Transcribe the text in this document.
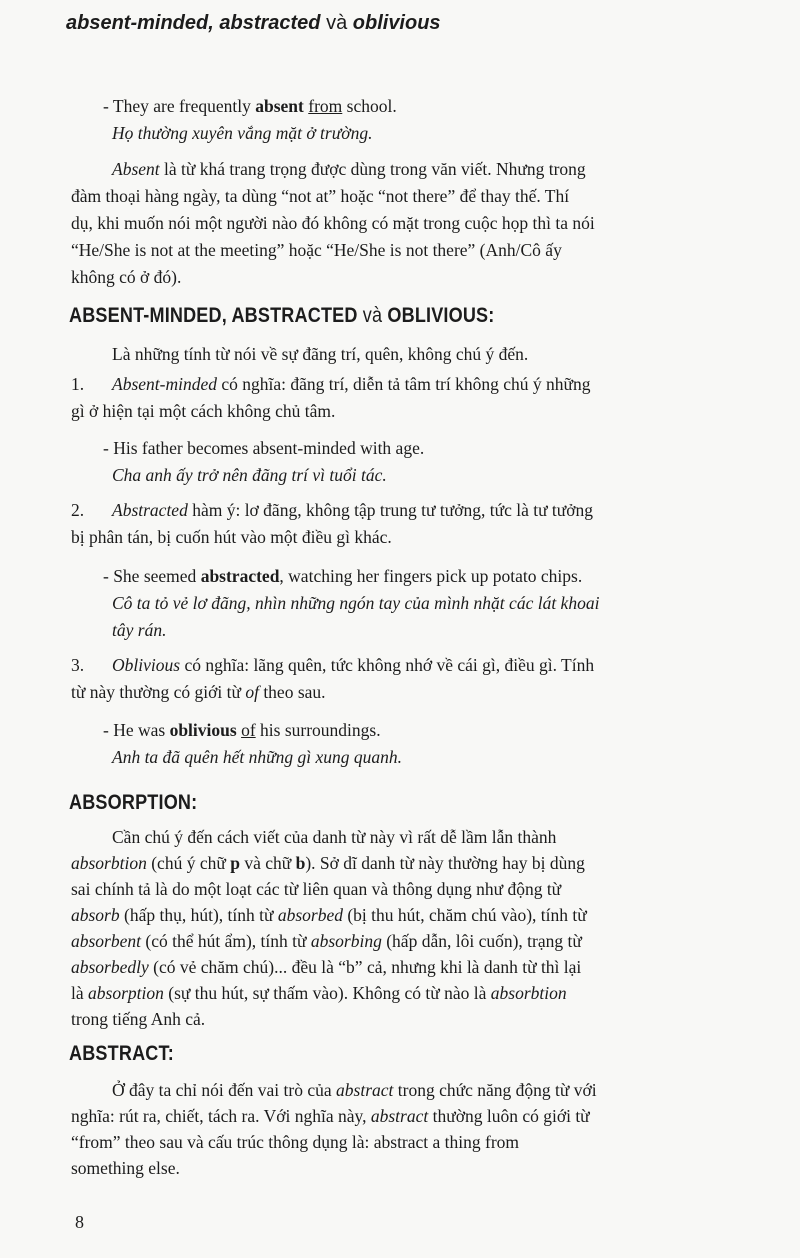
absent-minded, abstracted và oblivious
- They are frequently absent from school.
Họ thường xuyên vắng mặt ở trường.
Absent là từ khá trang trọng được dùng trong văn viết. Nhưng trong
đàm thoại hàng ngày, ta dùng “not at” hoặc “not there” để thay thế. Thí
dụ, khi muốn nói một người nào đó không có mặt trong cuộc họp thì ta nói
“He/She is not at the meeting” hoặc “He/She is not there” (Anh/Cô ấy
không có ở đó).
ABSENT-MINDED, ABSTRACTED và OBLIVIOUS:
Là những tính từ nói về sự đãng trí, quên, không chú ý đến.
1. Absent-minded có nghĩa: đãng trí, diễn tả tâm trí không chú ý những
gì ở hiện tại một cách không chủ tâm.
- His father becomes absent-minded with age.
Cha anh ấy trở nên đãng trí vì tuổi tác.
2. Abstracted hàm ý: lơ đãng, không tập trung tư tưởng, tức là tư tưởng
bị phân tán, bị cuốn hút vào một điều gì khác.
- She seemed abstracted, watching her fingers pick up potato chips.
Cô ta tỏ vẻ lơ đãng, nhìn những ngón tay của mình nhặt các lát khoai
tây rán.
3. Oblivious có nghĩa: lãng quên, tức không nhớ về cái gì, điều gì. Tính
từ này thường có giới từ of theo sau.
- He was oblivious of his surroundings.
Anh ta đã quên hết những gì xung quanh.
ABSORPTION:
Cần chú ý đến cách viết của danh từ này vì rất dễ lầm lẫn thành
absorbtion (chú ý chữ p và chữ b). Sở dĩ danh từ này thường hay bị dùng
sai chính tả là do một loạt các từ liên quan và thông dụng như động từ
absorb (hấp thụ, hút), tính từ absorbed (bị thu hút, chăm chú vào), tính từ
absorbent (có thể hút ẩm), tính từ absorbing (hấp dẫn, lôi cuốn), trạng từ
absorbedly (có vẻ chăm chú)... đều là “b” cả, nhưng khi là danh từ thì lại
là absorption (sự thu hút, sự thấm vào). Không có từ nào là absorbtion
trong tiếng Anh cả.
ABSTRACT:
Ở đây ta chỉ nói đến vai trò của abstract trong chức năng động từ với
nghĩa: rút ra, chiết, tách ra. Với nghĩa này, abstract thường luôn có giới từ
“from” theo sau và cấu trúc thông dụng là: abstract a thing from
something else.
8
